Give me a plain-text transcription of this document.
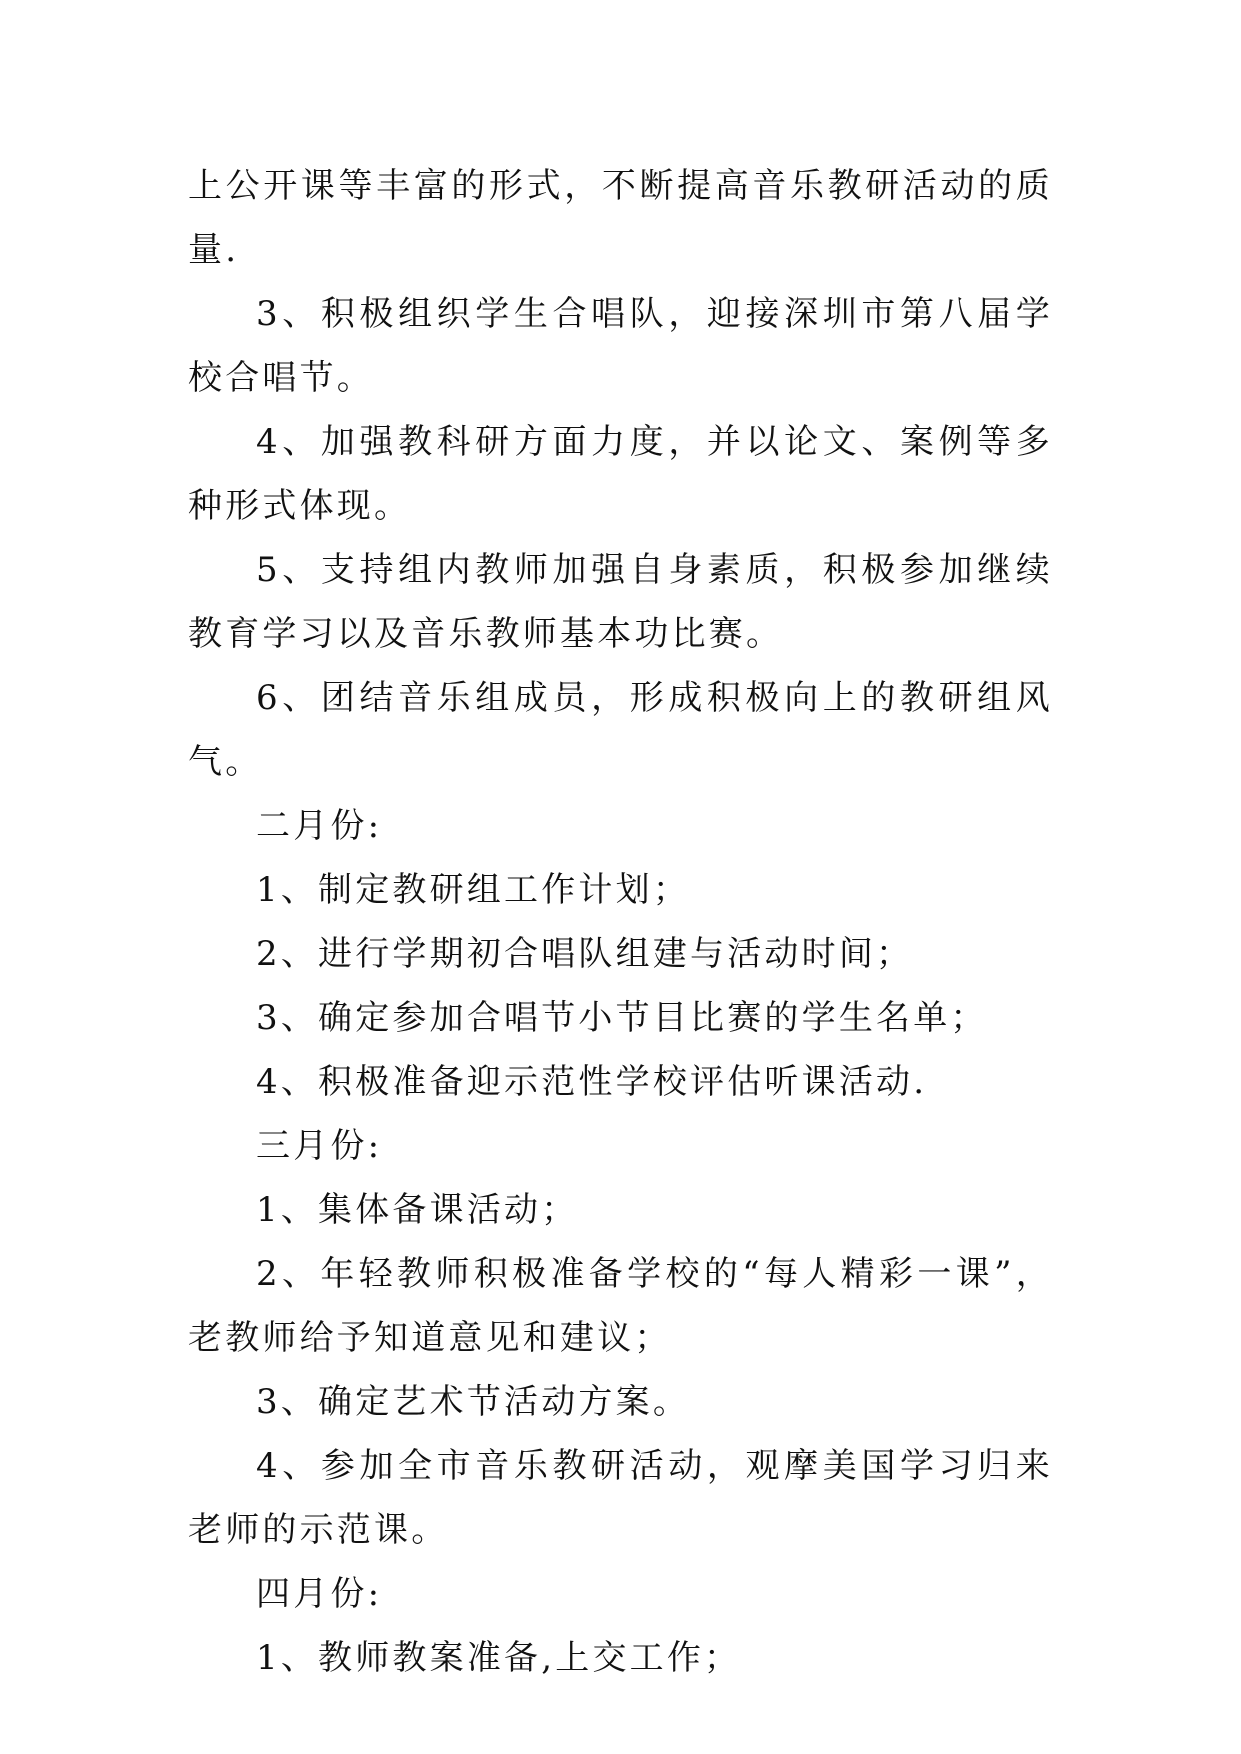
上公开课等丰富的形式，不断提高音乐教研活动的质量.

3、积极组织学生合唱队，迎接深圳市第八届学校合唱节。

4、加强教科研方面力度，并以论文、案例等多种形式体现。

5、支持组内教师加强自身素质，积极参加继续教育学习以及音乐教师基本功比赛。

6、团结音乐组成员，形成积极向上的教研组风气。

二月份:

1、制定教研组工作计划；

2、进行学期初合唱队组建与活动时间；

3、确定参加合唱节小节目比赛的学生名单；

4、积极准备迎示范性学校评估听课活动.

三月份:

1、集体备课活动；

2、年轻教师积极准备学校的“每人精彩一课”，老教师给予知道意见和建议；

3、确定艺术节活动方案。

4、参加全市音乐教研活动，观摩美国学习归来老师的示范课。

四月份:

1、教师教案准备,上交工作；
